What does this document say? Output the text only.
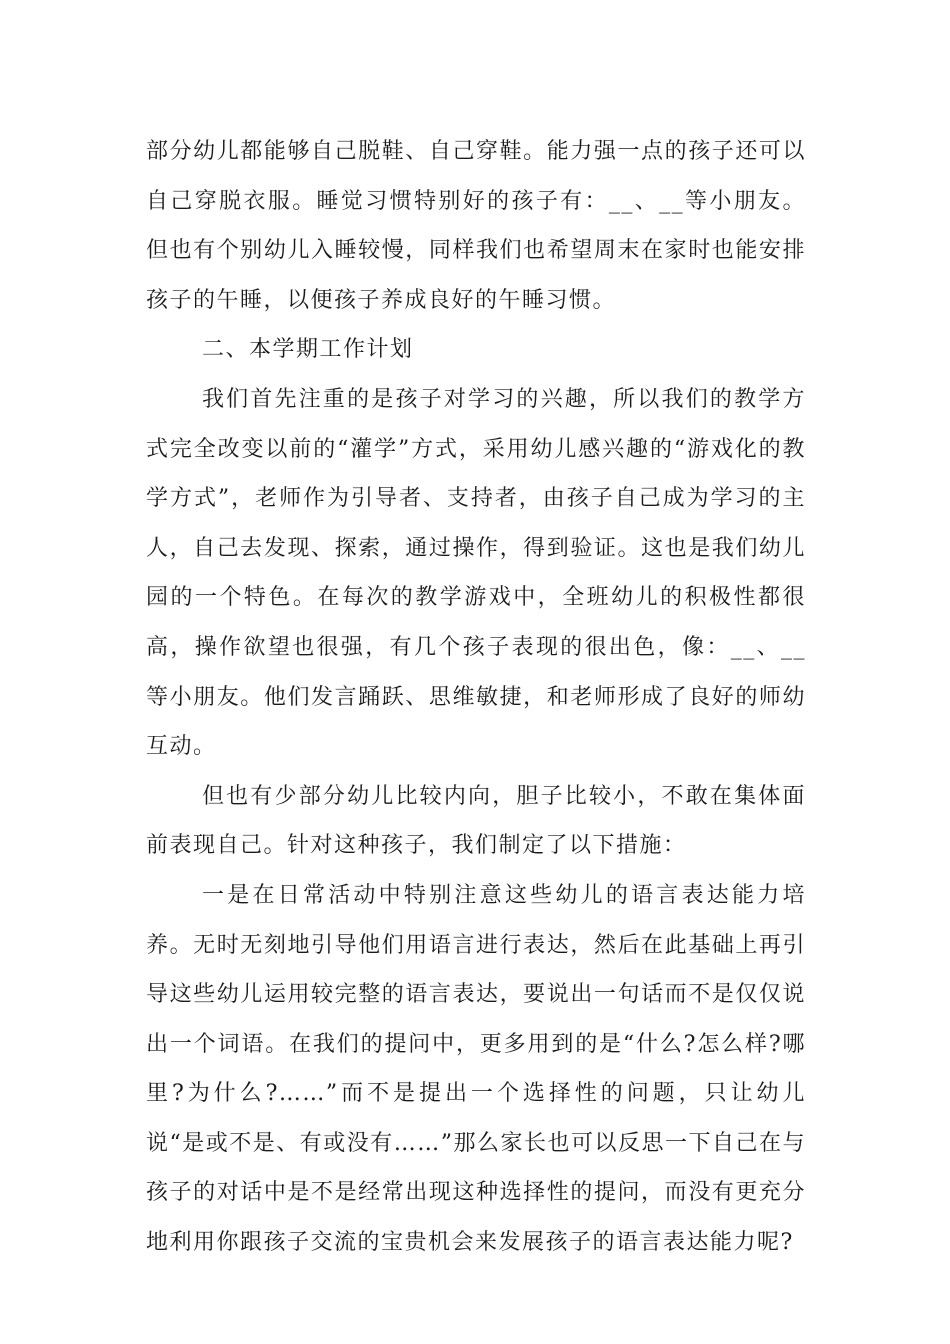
部分幼儿都能够自己脱鞋、自己穿鞋。能力强一点的孩子还可以自己穿脱衣服。睡觉习惯特别好的孩子有：__、__等小朋友。但也有个别幼儿入睡较慢，同样我们也希望周末在家时也能安排孩子的午睡，以便孩子养成良好的午睡习惯。

二、本学期工作计划

我们首先注重的是孩子对学习的兴趣，所以我们的教学方式完全改变以前的“灌学”方式，采用幼儿感兴趣的“游戏化的教学方式”，老师作为引导者、支持者，由孩子自己成为学习的主人，自己去发现、探索，通过操作，得到验证。这也是我们幼儿园的一个特色。在每次的教学游戏中，全班幼儿的积极性都很高，操作欲望也很强，有几个孩子表现的很出色，像：__、__等小朋友。他们发言踊跃、思维敏捷，和老师形成了良好的师幼互动。

但也有少部分幼儿比较内向，胆子比较小，不敢在集体面前表现自己。针对这种孩子，我们制定了以下措施：

一是在日常活动中特别注意这些幼儿的语言表达能力培养。无时无刻地引导他们用语言进行表达，然后在此基础上再引导这些幼儿运用较完整的语言表达，要说出一句话而不是仅仅说出一个词语。在我们的提问中，更多用到的是“什么?怎么样?哪里?为什么?……”而不是提出一个选择性的问题，只让幼儿说“是或不是、有或没有……”那么家长也可以反思一下自己在与孩子的对话中是不是经常出现这种选择性的提问，而没有更充分地利用你跟孩子交流的宝贵机会来发展孩子的语言表达能力呢?
